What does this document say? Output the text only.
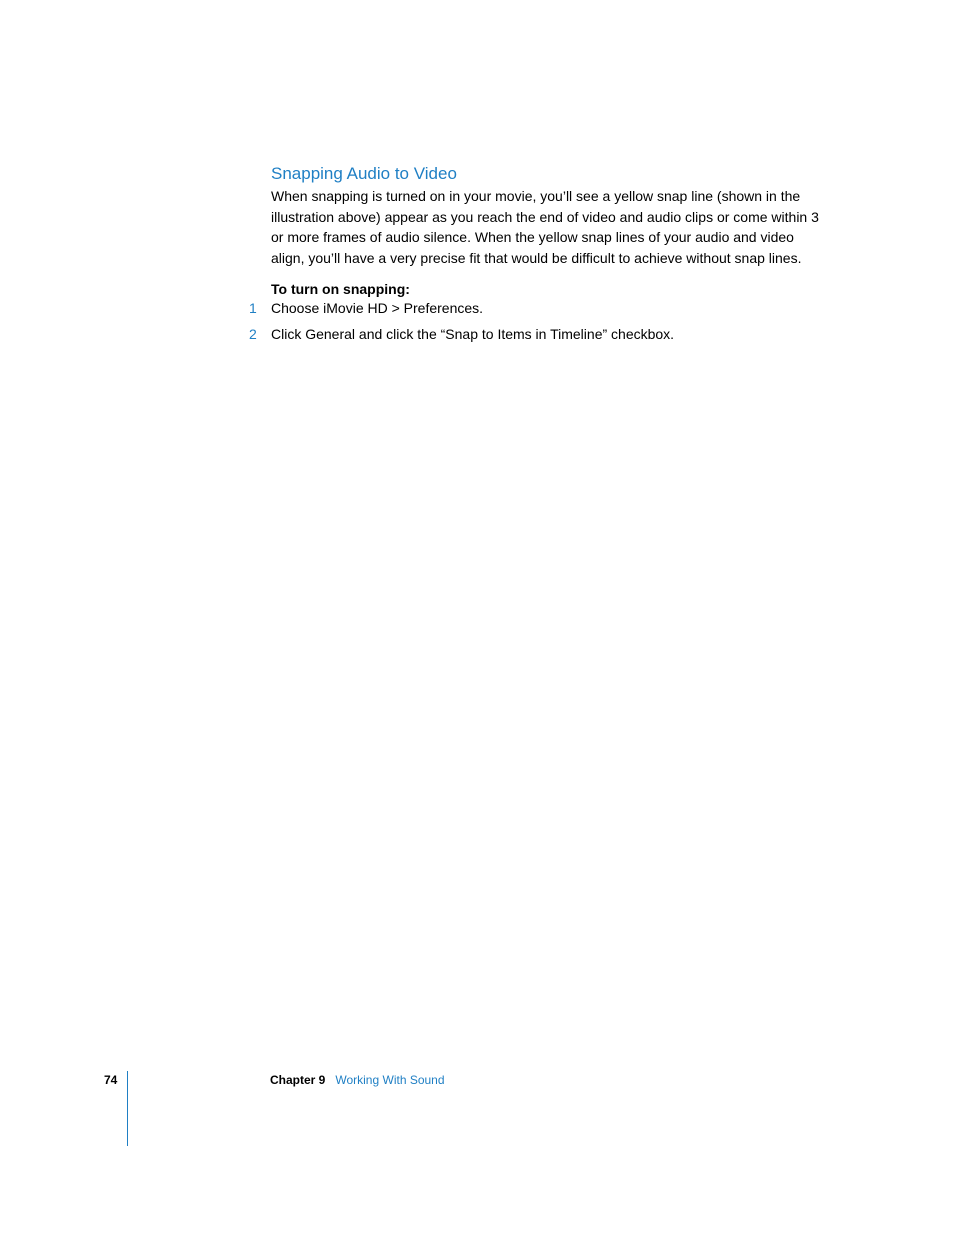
Snapping Audio to Video

When snapping is turned on in your movie, you’ll see a yellow snap line (shown in the illustration above) appear as you reach the end of video and audio clips or come within 3 or more frames of audio silence. When the yellow snap lines of your audio and video align, you’ll have a very precise fit that would be difficult to achieve without snap lines.

To turn on snapping:
1	Choose iMovie HD > Preferences.
2	Click General and click the “Snap to Items in Timeline” checkbox.
74	Chapter 9 Working With Sound
